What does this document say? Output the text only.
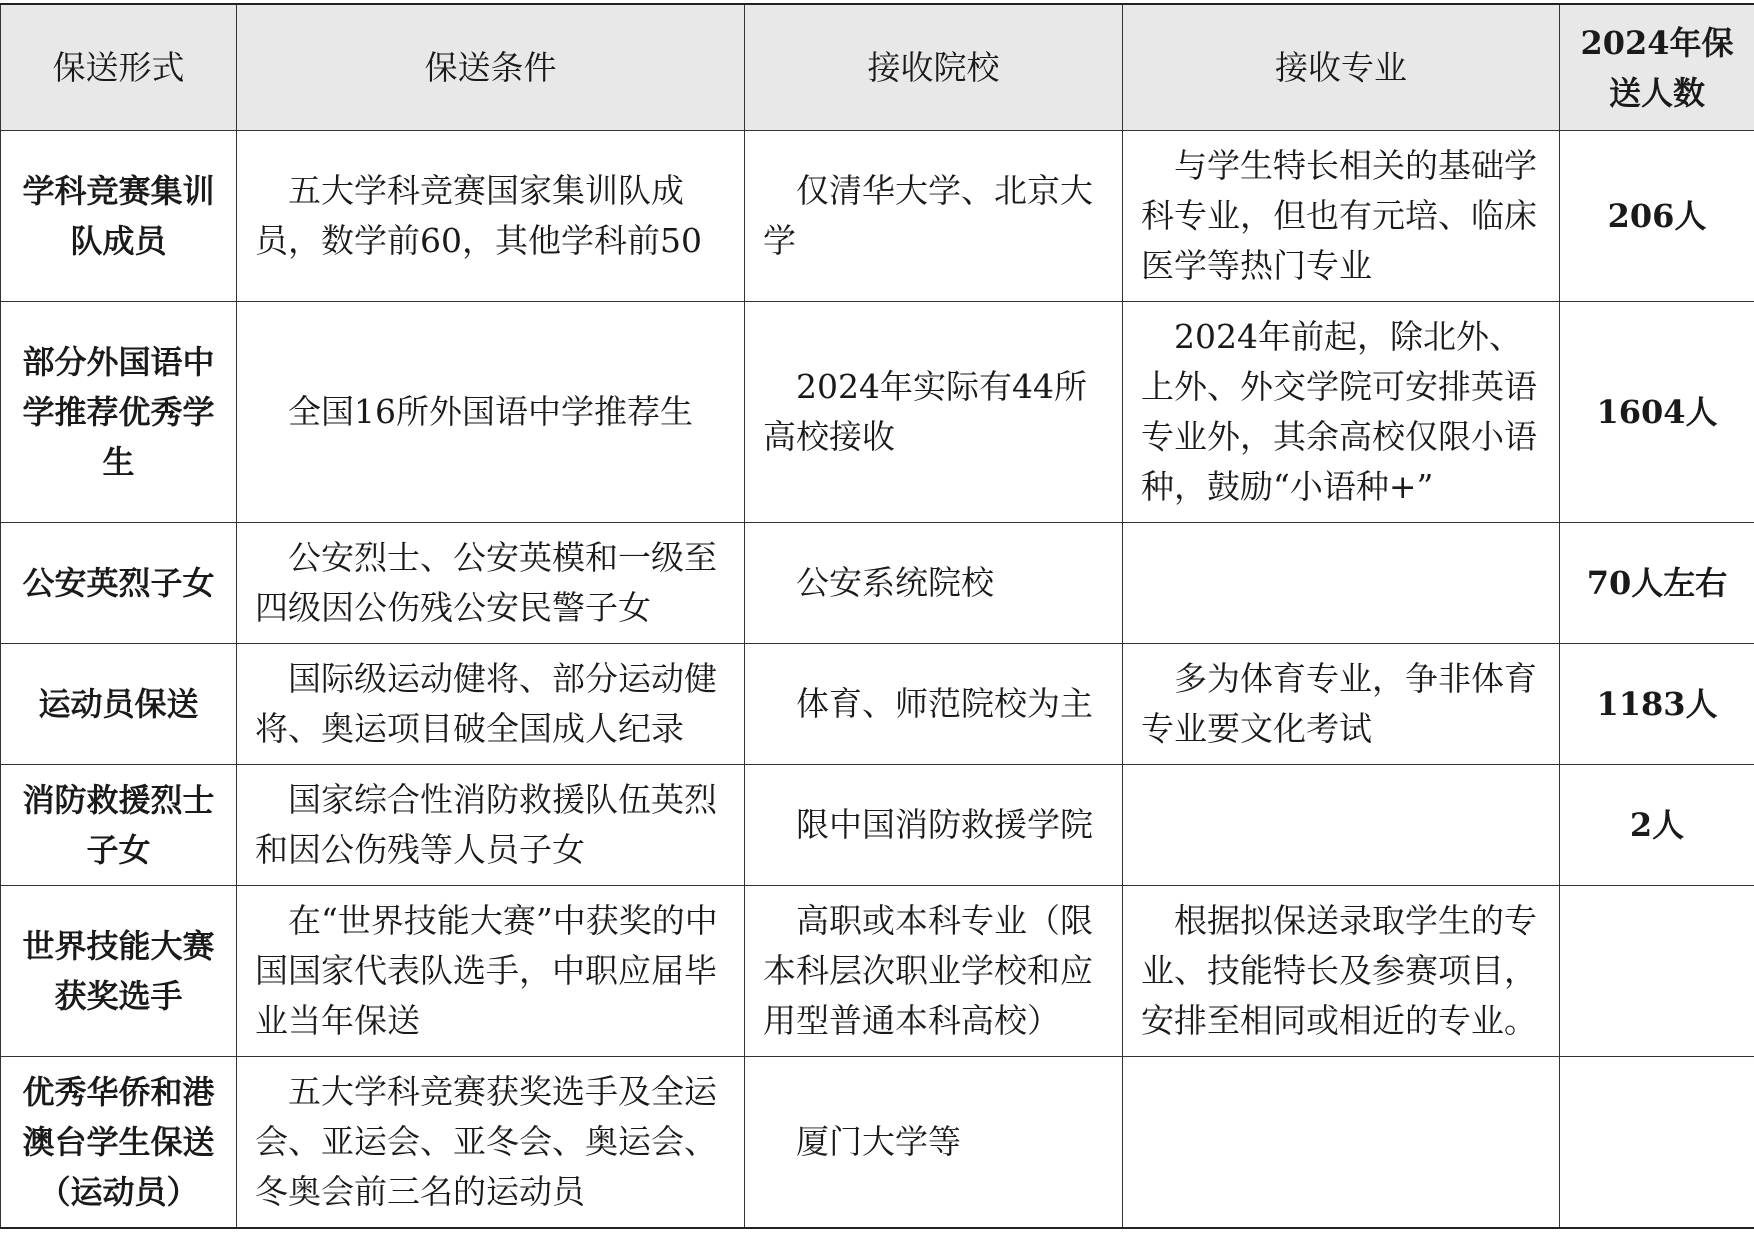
保送形式	保送条件	接收院校	接收专业	2024年保送人数
学科竞赛集训队成员	五大学科竞赛国家集训队成员，数学前60，其他学科前50	仅清华大学、北京大学	与学生特长相关的基础学科专业，但也有元培、临床医学等热门专业	206人
部分外国语中学推荐优秀学生	全国16所外国语中学推荐生	2024年实际有44所高校接收	2024年前起，除北外、上外、外交学院可安排英语专业外，其余高校仅限小语种，鼓励“小语种+”	1604人
公安英烈子女	公安烈士、公安英模和一级至四级因公伤残公安民警子女	公安系统院校		70人左右
运动员保送	国际级运动健将、部分运动健将、奥运项目破全国成人纪录	体育、师范院校为主	多为体育专业，争非体育专业要文化考试	1183人
消防救援烈士子女	国家综合性消防救援队伍英烈和因公伤残等人员子女	限中国消防救援学院		2人
世界技能大赛获奖选手	在“世界技能大赛”中获奖的中国国家代表队选手，中职应届毕业当年保送	高职或本科专业（限本科层次职业学校和应用型普通本科高校）	根据拟保送录取学生的专业、技能特长及参赛项目，安排至相同或相近的专业。	
优秀华侨和港澳台学生保送（运动员）	五大学科竞赛获奖选手及全运会、亚运会、亚冬会、奥运会、冬奥会前三名的运动员	厦门大学等		
